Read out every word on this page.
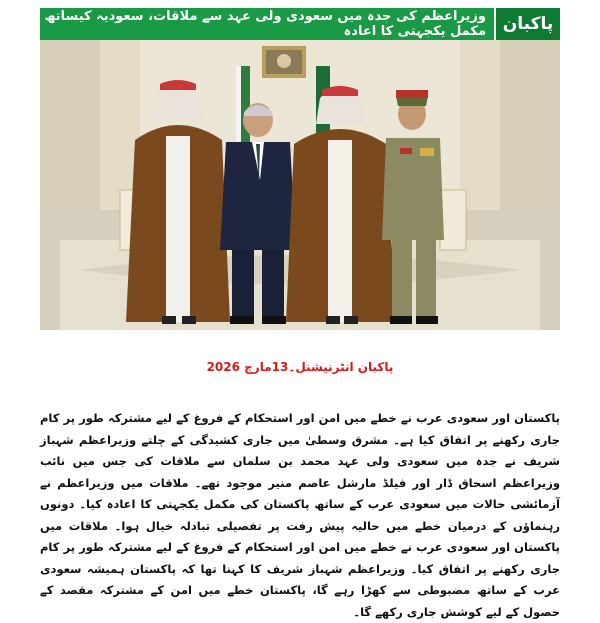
وزیراعظم کی جدہ میں سعودی ولی عہد سے ملاقات، سعودیہ کیساتھ مکمل یکجہتی کا اعادہ پاکبان
پاکبان انٹرنیشنل۔13مارچ 2026
پاکستان اور سعودی عرب نے خطے میں امن اور استحکام کے فروغ کے لیے مشترکہ طور پر کام جاری رکھنے پر اتفاق کیا ہے۔ مشرق وسطیٰ میں جاری کشیدگی کے چلتے وزیراعظم شہباز شریف نے جدہ میں سعودی ولی عہد محمد بن سلمان سے ملاقات کی جس میں نائب وزیراعظم اسحاق ڈار اور فیلڈ مارشل عاصم منیر موجود تھے۔ ملاقات میں وزیراعظم نے آزمائشی حالات میں سعودی عرب کے ساتھ پاکستان کی مکمل یکجہتی کا اعادہ کیا۔ دونوں رہنماؤں کے درمیان خطے میں حالیہ پیش رفت پر تفصیلی تبادلہ خیال ہوا۔ ملاقات میں پاکستان اور سعودی عرب نے خطے میں امن اور استحکام کے فروغ کے لیے مشترکہ طور پر کام جاری رکھنے پر اتفاق کیا۔ وزیراعظم شہباز شریف کا کہنا تھا کہ پاکستان ہمیشہ سعودی عرب کے ساتھ مضبوطی سے کھڑا رہے گا، پاکستان خطے میں امن کے مشترکہ مقصد کے حصول کے لیے کوشش جاری رکھے گا۔
